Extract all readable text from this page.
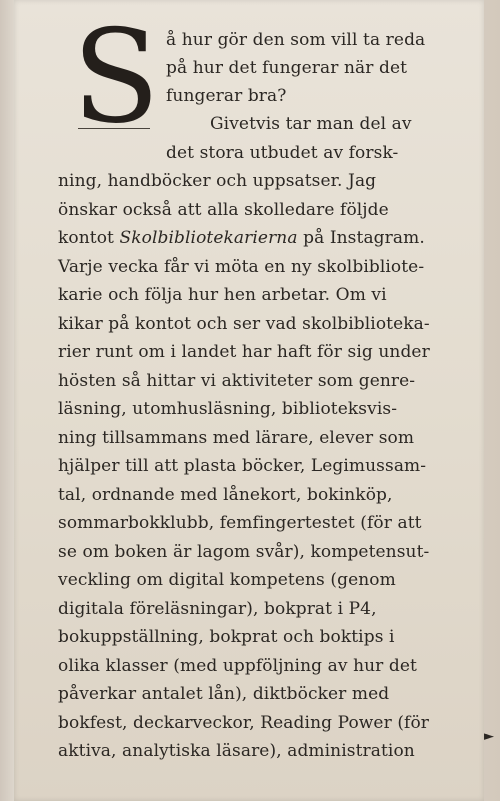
S å hur gör den som vill ta reda

på hur det fungerar när det

fungerar bra?

Givetvis tar man del av

det stora utbudet av forsk-

ning, handböcker och uppsatser. Jag

önskar också att alla skolledare följde

kontot Skolbibliotekarierna på Instagram.

Varje vecka får vi möta en ny skolbibliote-

karie och följa hur hen arbetar. Om vi

kikar på kontot och ser vad skolbiblioteka-

rier runt om i landet har haft för sig under

hösten så hittar vi aktiviteter som genre-

läsning, utomhusläsning, biblioteksvis-

ning tillsammans med lärare, elever som

hjälper till att plasta böcker, Legimussam-

tal, ordnande med lånekort, bokinköp,

sommarbokklubb, femfingertestet (för att

se om boken är lagom svår), kompetensut-

veckling om digital kompetens (genom

digitala föreläsningar), bokprat i P4,

bokuppställning, bokprat och boktips i

olika klasser (med uppföljning av hur det

påverkar antalet lån), diktböcker med

bokfest, deckarveckor, Reading Power (för

aktiva, analytiska läsare), administration

►
